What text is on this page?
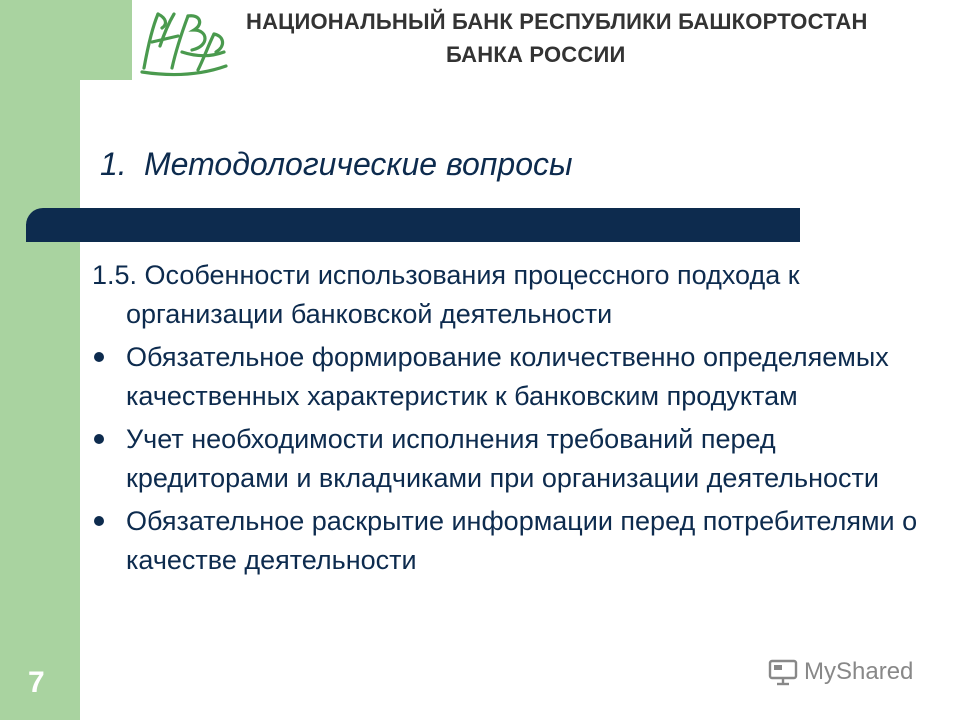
НАЦИОНАЛЬНЫЙ БАНК РЕСПУБЛИКИ БАШКОРТОСТАН
БАНКА РОССИИ
1. Методологические вопросы
1.5. Особенности использования процессного подхода к организации банковской деятельности
Обязательное формирование количественно определяемых качественных характеристик к банковским продуктам
Учет необходимости исполнения требований перед кредиторами и вкладчиками при организации деятельности
Обязательное раскрытие информации перед потребителями о качестве деятельности
7	MyShared
